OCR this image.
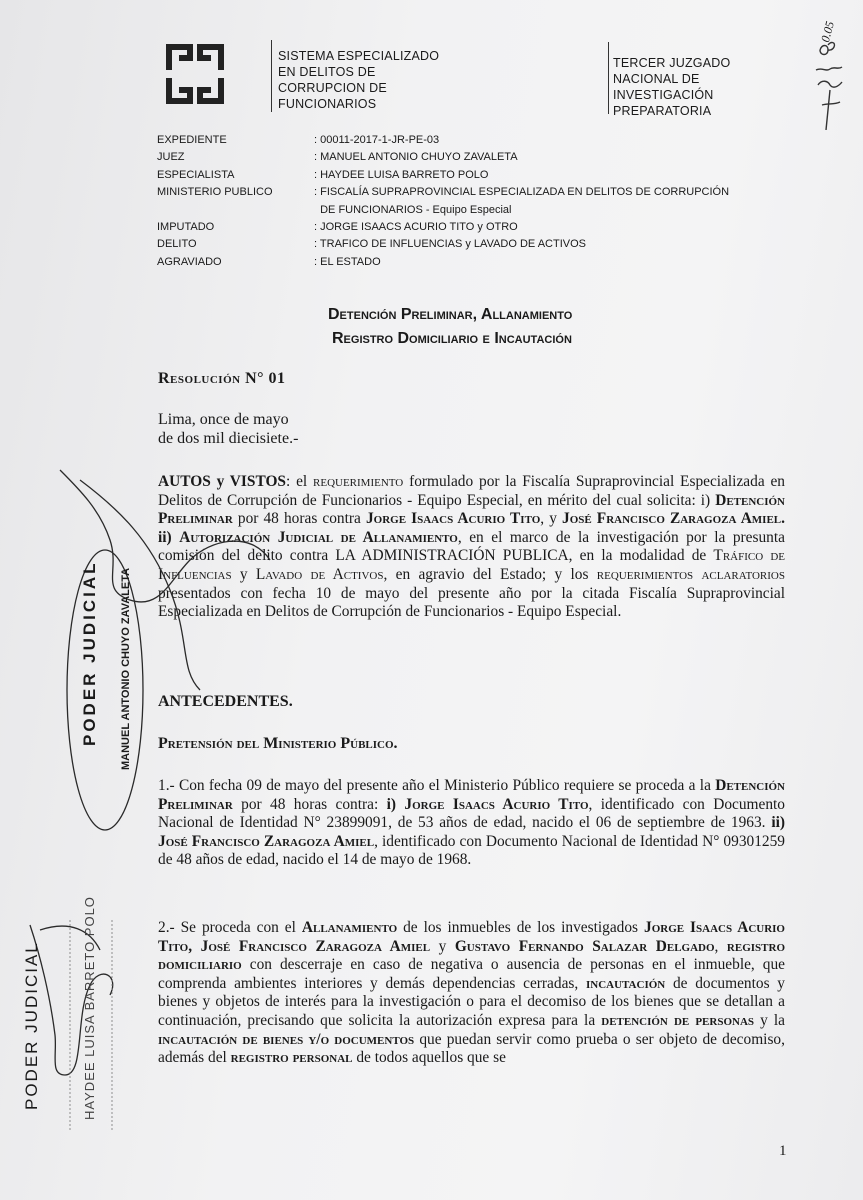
SISTEMA ESPECIALIZADO
EN DELITOS DE
CORRUPCION DE
FUNCIONARIOS
TERCER JUZGADO
NACIONAL DE
INVESTIGACIÓN
PREPARATORIA
EXPEDIENTE	: 00011-2017-1-JR-PE-03
JUEZ	: MANUEL ANTONIO CHUYO ZAVALETA
ESPECIALISTA	: HAYDEE LUISA BARRETO POLO
MINISTERIO PUBLICO	: FISCALÍA SUPRAPROVINCIAL ESPECIALIZADA EN DELITOS DE CORRUPCIÓN
DE FUNCIONARIOS - Equipo Especial
IMPUTADO	: JORGE ISAACS ACURIO TITO y OTRO
DELITO	: TRAFICO DE INFLUENCIAS y LAVADO DE ACTIVOS
AGRAVIADO	: EL ESTADO
Detención Preliminar, Allanamiento
Registro Domiciliario e Incautación
Resolución N° 01
Lima, once de mayo
de dos mil diecisiete.-
AUTOS y VISTOS: el requerimiento formulado por la Fiscalía Supraprovincial Especializada en Delitos de Corrupción de Funcionarios - Equipo Especial, en mérito del cual solicita: i) Detención Preliminar por 48 horas contra Jorge Isaacs Acurio Tito, y José Francisco Zaragoza Amiel. ii) Autorización Judicial de Allanamiento, en el marco de la investigación por la presunta comisión del delito contra LA ADMINISTRACIÓN PUBLICA, en la modalidad de Tráfico de Influencias y Lavado de Activos, en agravio del Estado; y los requerimientos aclaratorios presentados con fecha 10 de mayo del presente año por la citada Fiscalía Supraprovincial Especializada en Delitos de Corrupción de Funcionarios - Equipo Especial.
ANTECEDENTES.
Pretensión del Ministerio Público.
1.- Con fecha 09 de mayo del presente año el Ministerio Público requiere se proceda a la Detención Preliminar por 48 horas contra: i) Jorge Isaacs Acurio Tito, identificado con Documento Nacional de Identidad N° 23899091, de 53 años de edad, nacido el 06 de septiembre de 1963. ii) José Francisco Zaragoza Amiel, identificado con Documento Nacional de Identidad N° 09301259 de 48 años de edad, nacido el 14 de mayo de 1968.
2.- Se proceda con el Allanamiento de los inmuebles de los investigados Jorge Isaacs Acurio Tito, José Francisco Zaragoza Amiel y Gustavo Fernando Salazar Delgado, registro domiciliario con descerraje en caso de negativa o ausencia de personas en el inmueble, que comprenda ambientes interiores y demás dependencias cerradas, incautación de documentos y bienes y objetos de interés para la investigación o para el decomiso de los bienes que se detallan a continuación, precisando que solicita la autorización expresa para la detención de personas y la incautación de bienes y/o documentos que puedan servir como prueba o ser objeto de decomiso, además del registro personal de todos aquellos que se
1
PODER JUDICIAL MANUEL ANTONIO CHUYO ZAVALETA
HAYDEE LUISA BARRETO POLO
PODER JUDICIAL
0.05
